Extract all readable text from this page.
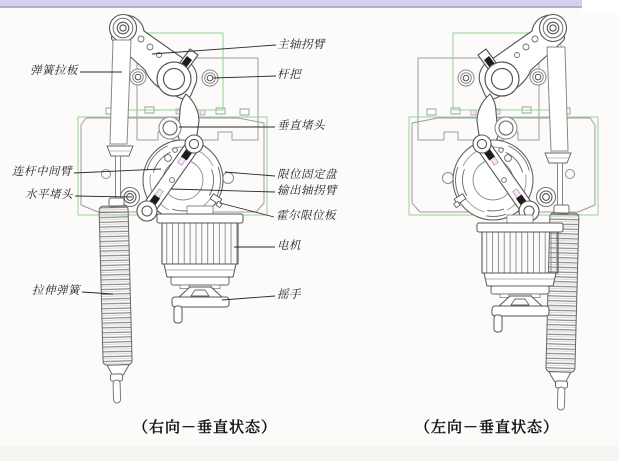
弹簧拉板
连杆中间臂
水平堵头
拉伸弹簧
主轴拐臂
杆把
垂直堵头
限位固定盘
输出轴拐臂
霍尔限位板
电机
摇手
（右向－垂直状态）	（左向－垂直状态）
